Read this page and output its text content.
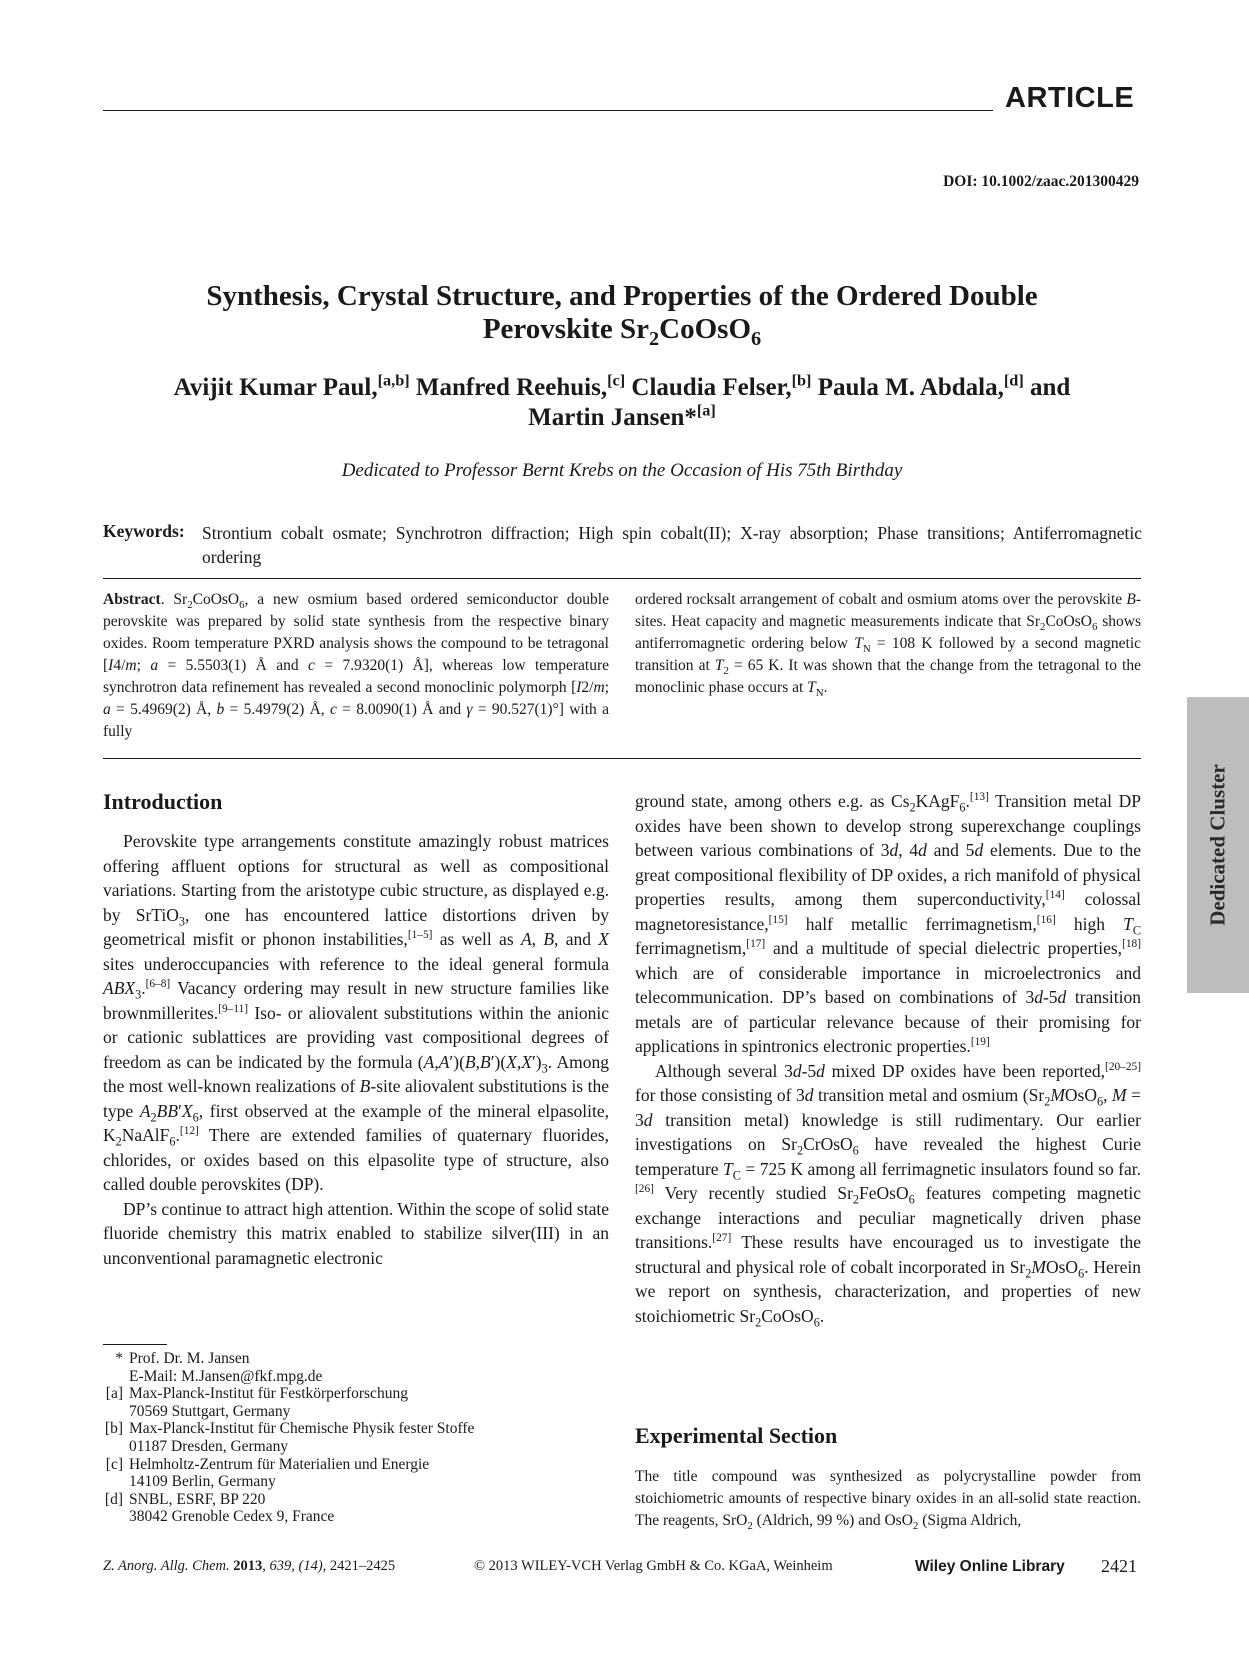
ARTICLE
DOI: 10.1002/zaac.201300429
Synthesis, Crystal Structure, and Properties of the Ordered Double
Perovskite $Sr_2CoOsO_6$
Avijit Kumar Paul,[a,b] Manfred Reehuis,[c] Claudia Felser,[b] Paula M. Abdala,[d] and
Martin Jansen*[a]
Dedicated to Professor Bernt Krebs on the Occasion of His 75th Birthday
Keywords: Strontium cobalt osmate; Synchrotron diffraction; High spin cobalt(II); X-ray absorption; Phase transitions; Antiferromagnetic ordering
Abstract. $Sr_2CoOsO_6$, a new osmium based ordered semiconductor double perovskite was prepared by solid state synthesis from the respective binary oxides. Room temperature PXRD analysis shows the compound to be tetragonal [I4/m; a = 5.5503(1) Å and c = 7.9320(1) Å], whereas low temperature synchrotron data refinement has revealed a second monoclinic polymorph [I2/m; a = 5.4969(2) Å, b = 5.4979(2) Å, c = 8.0090(1) Å and γ = 90.527(1)°] with a fully
ordered rocksalt arrangement of cobalt and osmium atoms over the perovskite B-sites. Heat capacity and magnetic measurements indicate that $Sr_2CoOsO_6$ shows antiferromagnetic ordering below $T_N = 108$ K followed by a second magnetic transition at $T_2 = 65$ K. It was shown that the change from the tetragonal to the monoclinic phase occurs at $T_N$.
Introduction

Perovskite type arrangements constitute amazingly robust matrices offering affluent options for structural as well as compositional variations. Starting from the aristotype cubic structure, as displayed e.g. by SrTiO$_3$, one has encountered lattice distortions driven by geometrical misfit or phonon instabilities,[1–5] as well as A, B, and X sites underoccupancies with reference to the ideal general formula $ABX_3.[6-8]$ Vacancy ordering may result in new structure families like brownmillerites.[9–11] Iso- or aliovalent substitutions within the anionic or cationic sublattices are providing vast compositional degrees of freedom as can be indicated by the formula $(A,A')(B,B')(X,X')_3$. Among the most well-known realizations of B-site aliovalent substitutions is the type $A_2BB'X_6$, first observed at the example of the mineral elpasolite, $K_2NaAlF_6.[12]$ There are extended families of quaternary fluorides, chlorides, or oxides based on this elpasolite type of structure, also called double perovskites (DP).

DP’s continue to attract high attention. Within the scope of solid state fluoride chemistry this matrix enabled to stabilize silver(III) in an unconventional paramagnetic electronic

ground state, among others e.g. as $Cs_2KAgF_6.[13]$ Transition metal DP oxides have been shown to develop strong superexchange couplings between various combinations of 3d, 4d and 5d elements. Due to the great compositional flexibility of DP oxides, a rich manifold of physical properties results, among them superconductivity,[14] colossal magnetoresistance,[15] half metallic ferrimagnetism,[16] high $T_C$ ferrimagnetism,[17] and a multitude of special dielectric properties,[18] which are of considerable importance in microelectronics and telecommunication. DP’s based on combinations of 3d-5d transition metals are of particular relevance because of their promising for applications in spintronics electronic properties.[19]

Although several 3d-5d mixed DP oxides have been reported,[20–25] for those consisting of 3d transition metal and osmium ($Sr_2MOsO_6$, M = 3d transition metal) knowledge is still rudimentary. Our earlier investigations on $Sr_2CrOsO_6$ have revealed the highest Curie temperature $T_C = 725$ K among all ferrimagnetic insulators found so far.[26] Very recently studied $Sr_2FeOsO_6$ features competing magnetic exchange interactions and peculiar magnetically driven phase transitions.[27] These results have encouraged us to investigate the structural and physical role of cobalt incorporated in $Sr_2MOsO_6$. Herein we report on synthesis, characterization, and properties of new stoichiometric $Sr_2CoOsO_6$.

Experimental Section
The title compound was synthesized as polycrystalline powder from stoichiometric amounts of respective binary oxides in an all-solid state reaction. The reagents, SrO$_2$ (Aldrich, 99 %) and OsO$_2$ (Sigma Aldrich,
Dedicated Cluster
* Prof. Dr. M. Jansen
E-Mail: M.Jansen@fkf.mpg.de
[a] Max-Planck-Institut für Festkörperforschung
70569 Stuttgart, Germany
[b] Max-Planck-Institut für Chemische Physik fester Stoffe
01187 Dresden, Germany
[c] Helmholtz-Zentrum für Materialien und Energie
14109 Berlin, Germany
[d] SNBL, ESRF, BP 220
38042 Grenoble Cedex 9, France
Z. Anorg. Allg. Chem. 2013, 639, (14), 2421–2425	© 2013 WILEY-VCH Verlag GmbH & Co. KGaA, Weinheim	Wiley Online Library 2421
